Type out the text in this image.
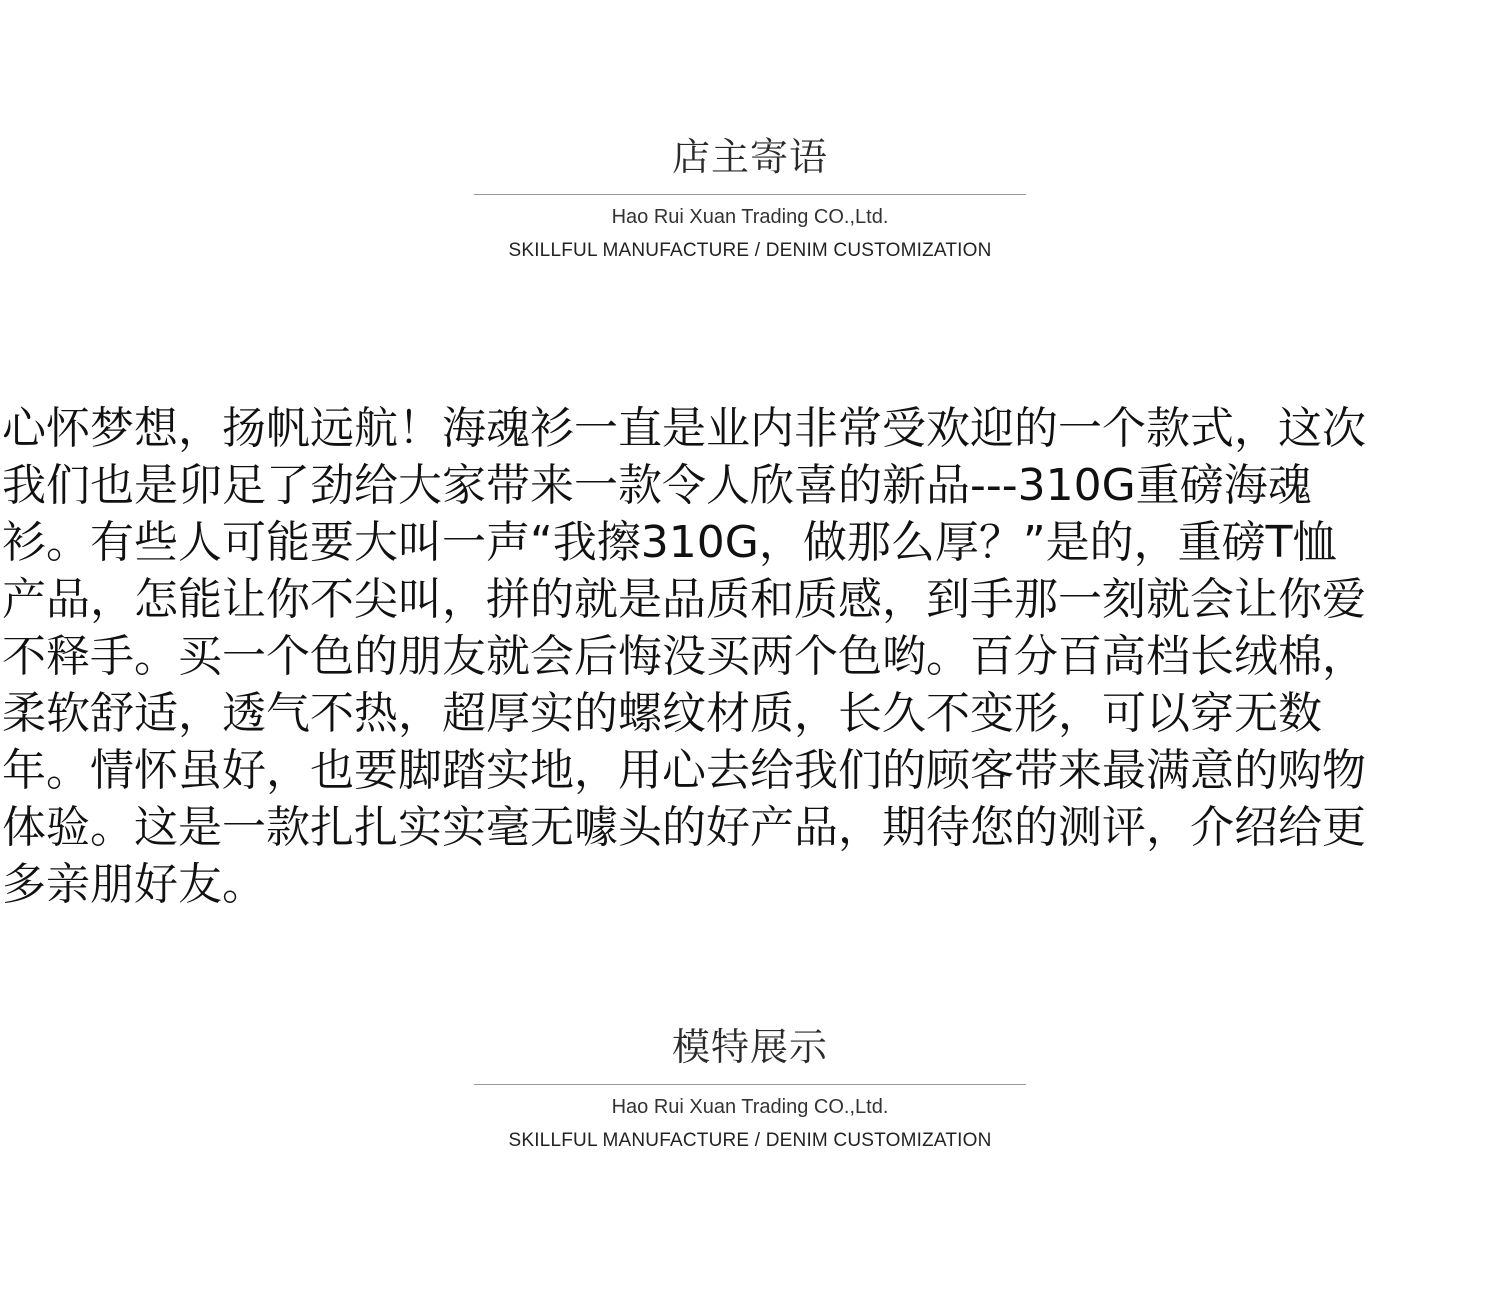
店主寄语
Hao Rui Xuan Trading CO.,Ltd.
SKILLFUL MANUFACTURE / DENIM CUSTOMIZATION
心怀梦想，扬帆远航！海魂衫一直是业内非常受欢迎的一个款式，这次
我们也是卯足了劲给大家带来一款令人欣喜的新品---310G重磅海魂
衫。有些人可能要大叫一声“我擦310G，做那么厚？”是的，重磅T恤
产品，怎能让你不尖叫，拼的就是品质和质感，到手那一刻就会让你爱
不释手。买一个色的朋友就会后悔没买两个色哟。百分百高档长绒棉，
柔软舒适，透气不热，超厚实的螺纹材质，长久不变形，可以穿无数
年。情怀虽好，也要脚踏实地，用心去给我们的顾客带来最满意的购物
体验。这是一款扎扎实实毫无噱头的好产品，期待您的测评，介绍给更
多亲朋好友。
模特展示
Hao Rui Xuan Trading CO.,Ltd.
SKILLFUL MANUFACTURE / DENIM CUSTOMIZATION
